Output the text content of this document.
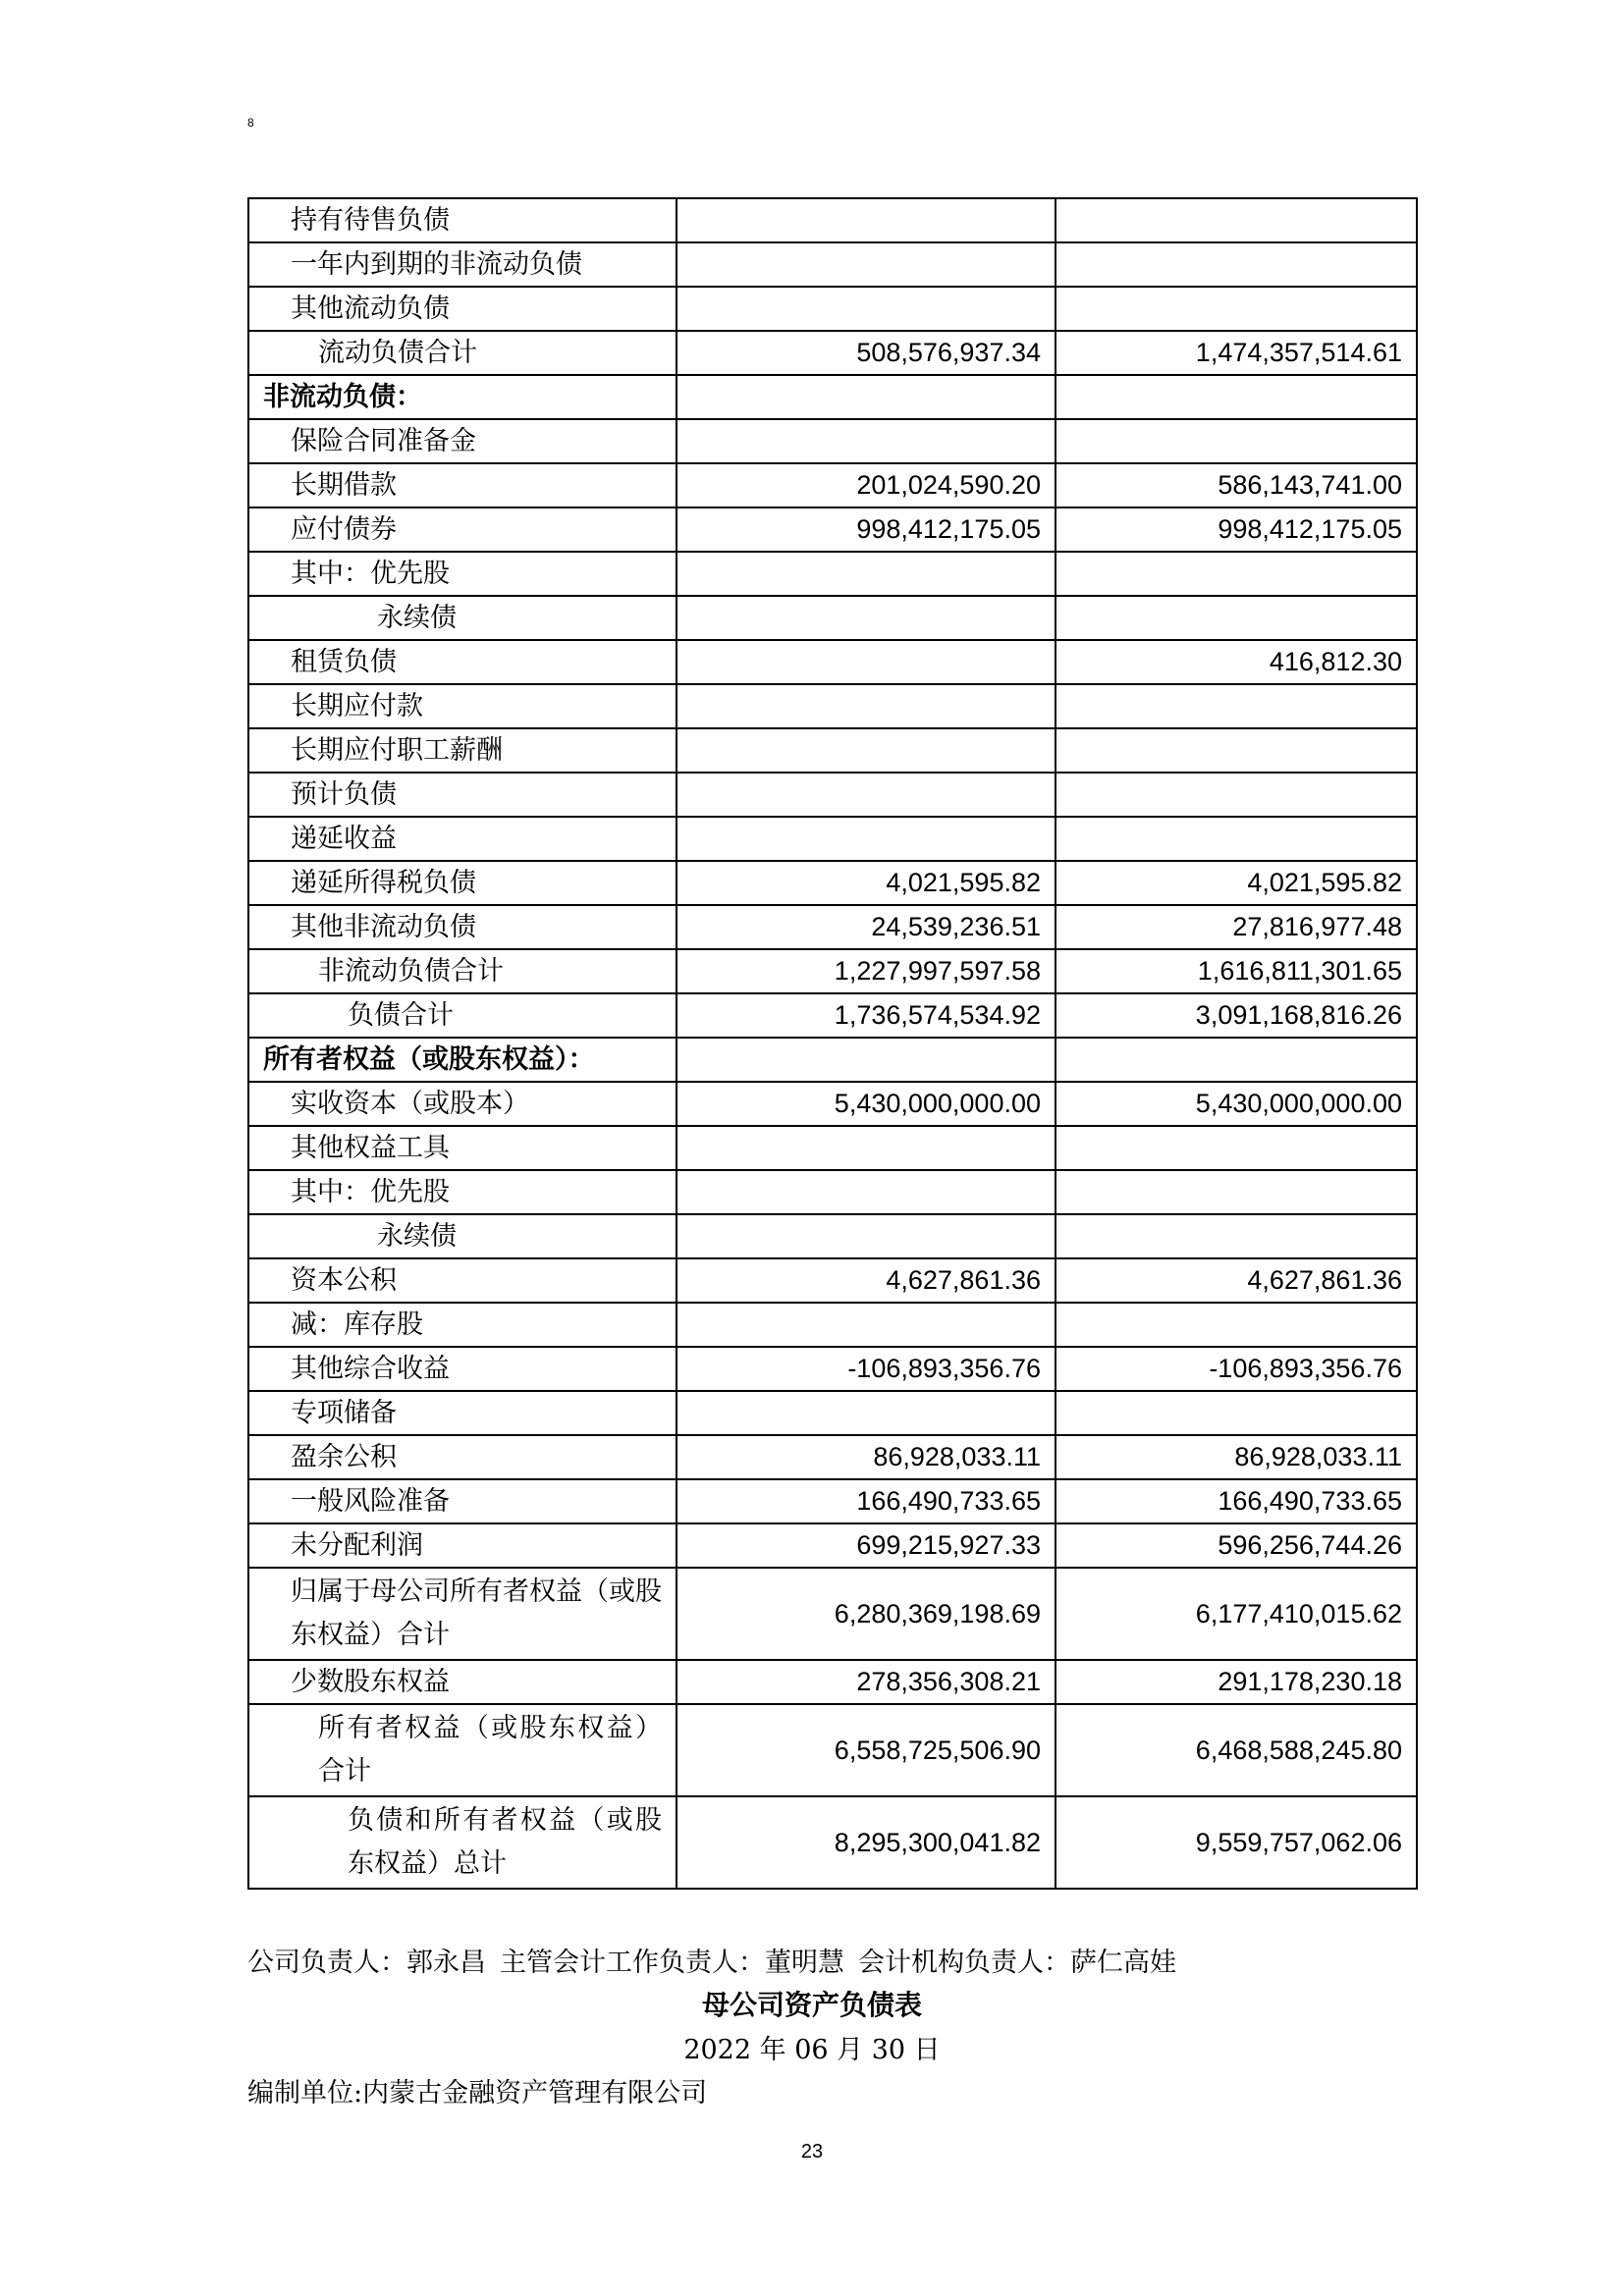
8
持有待售负债		
一年内到期的非流动负债		
其他流动负债		
流动负债合计	508,576,937.34	1,474,357,514.61
非流动负债：		
保险合同准备金		
长期借款	201,024,590.20	586,143,741.00
应付债券	998,412,175.05	998,412,175.05
其中：优先股		
永续债		
租赁负债		416,812.30
长期应付款		
长期应付职工薪酬		
预计负债		
递延收益		
递延所得税负债	4,021,595.82	4,021,595.82
其他非流动负债	24,539,236.51	27,816,977.48
非流动负债合计	1,227,997,597.58	1,616,811,301.65
负债合计	1,736,574,534.92	3,091,168,816.26
所有者权益（或股东权益）：		
实收资本（或股本）	5,430,000,000.00	5,430,000,000.00
其他权益工具		
其中：优先股		
永续债		
资本公积	4,627,861.36	4,627,861.36
减：库存股		
其他综合收益	-106,893,356.76	-106,893,356.76
专项储备		
盈余公积	86,928,033.11	86,928,033.11
一般风险准备	166,490,733.65	166,490,733.65
未分配利润	699,215,927.33	596,256,744.26
归属于母公司所有者权益（或股东权益）合计	6,280,369,198.69	6,177,410,015.62
少数股东权益	278,356,308.21	291,178,230.18
所有者权益（或股东权益）合计	6,558,725,506.90	6,468,588,245.80
负债和所有者权益（或股东权益）总计	8,295,300,041.82	9,559,757,062.06
公司负责人：郭永昌 主管会计工作负责人：董明慧 会计机构负责人：萨仁高娃
母公司资产负债表
2022 年 06 月 30 日
编制单位:内蒙古金融资产管理有限公司
23
